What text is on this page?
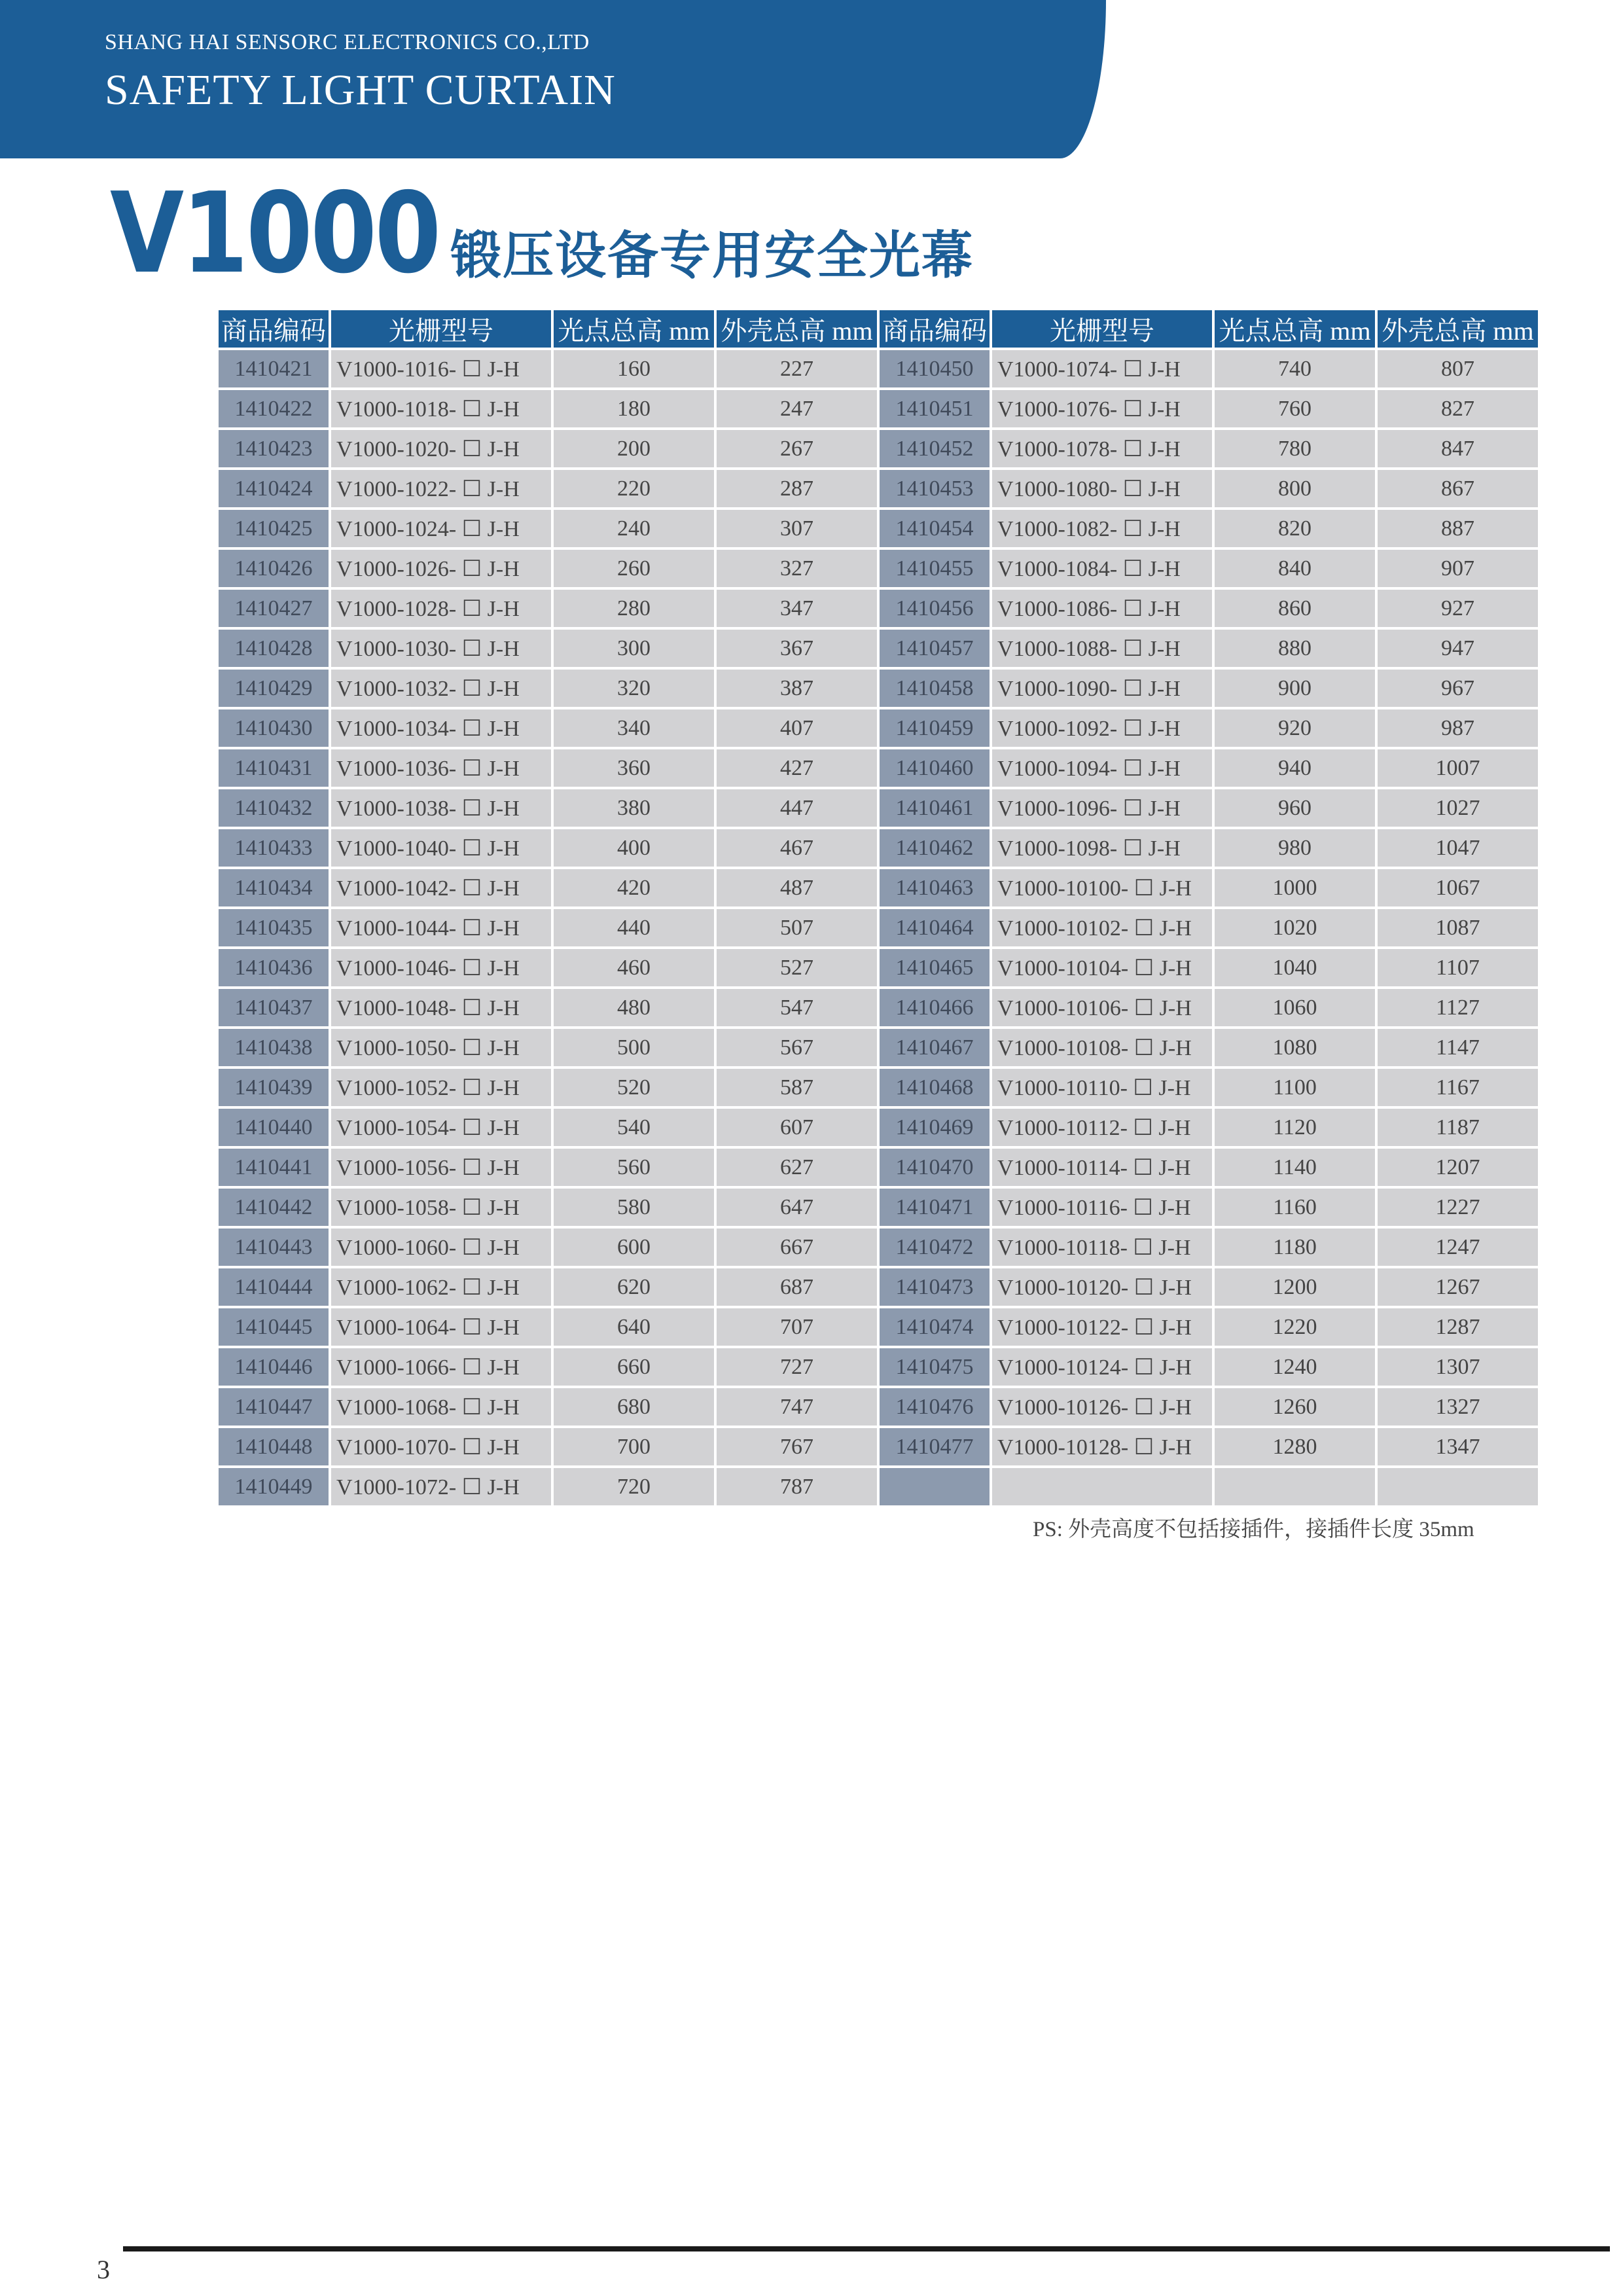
SHANG HAI SENSORC ELECTRONICS CO.,LTD
SAFETY LIGHT CURTAIN
V1000 锻压设备专用安全光幕
商品编码	光栅型号	光点总高 mm	外壳总高 mm	商品编码	光栅型号	光点总高 mm	外壳总高 mm
1410421	V1000-1016- ☐ J-H	160	227	1410450	V1000-1074- ☐ J-H	740	807
1410422	V1000-1018- ☐ J-H	180	247	1410451	V1000-1076- ☐ J-H	760	827
1410423	V1000-1020- ☐ J-H	200	267	1410452	V1000-1078- ☐ J-H	780	847
1410424	V1000-1022- ☐ J-H	220	287	1410453	V1000-1080- ☐ J-H	800	867
1410425	V1000-1024- ☐ J-H	240	307	1410454	V1000-1082- ☐ J-H	820	887
1410426	V1000-1026- ☐ J-H	260	327	1410455	V1000-1084- ☐ J-H	840	907
1410427	V1000-1028- ☐ J-H	280	347	1410456	V1000-1086- ☐ J-H	860	927
1410428	V1000-1030- ☐ J-H	300	367	1410457	V1000-1088- ☐ J-H	880	947
1410429	V1000-1032- ☐ J-H	320	387	1410458	V1000-1090- ☐ J-H	900	967
1410430	V1000-1034- ☐ J-H	340	407	1410459	V1000-1092- ☐ J-H	920	987
1410431	V1000-1036- ☐ J-H	360	427	1410460	V1000-1094- ☐ J-H	940	1007
1410432	V1000-1038- ☐ J-H	380	447	1410461	V1000-1096- ☐ J-H	960	1027
1410433	V1000-1040- ☐ J-H	400	467	1410462	V1000-1098- ☐ J-H	980	1047
1410434	V1000-1042- ☐ J-H	420	487	1410463	V1000-10100- ☐ J-H	1000	1067
1410435	V1000-1044- ☐ J-H	440	507	1410464	V1000-10102- ☐ J-H	1020	1087
1410436	V1000-1046- ☐ J-H	460	527	1410465	V1000-10104- ☐ J-H	1040	1107
1410437	V1000-1048- ☐ J-H	480	547	1410466	V1000-10106- ☐ J-H	1060	1127
1410438	V1000-1050- ☐ J-H	500	567	1410467	V1000-10108- ☐ J-H	1080	1147
1410439	V1000-1052- ☐ J-H	520	587	1410468	V1000-10110- ☐ J-H	1100	1167
1410440	V1000-1054- ☐ J-H	540	607	1410469	V1000-10112- ☐ J-H	1120	1187
1410441	V1000-1056- ☐ J-H	560	627	1410470	V1000-10114- ☐ J-H	1140	1207
1410442	V1000-1058- ☐ J-H	580	647	1410471	V1000-10116- ☐ J-H	1160	1227
1410443	V1000-1060- ☐ J-H	600	667	1410472	V1000-10118- ☐ J-H	1180	1247
1410444	V1000-1062- ☐ J-H	620	687	1410473	V1000-10120- ☐ J-H	1200	1267
1410445	V1000-1064- ☐ J-H	640	707	1410474	V1000-10122- ☐ J-H	1220	1287
1410446	V1000-1066- ☐ J-H	660	727	1410475	V1000-10124- ☐ J-H	1240	1307
1410447	V1000-1068- ☐ J-H	680	747	1410476	V1000-10126- ☐ J-H	1260	1327
1410448	V1000-1070- ☐ J-H	700	767	1410477	V1000-10128- ☐ J-H	1280	1347
1410449	V1000-1072- ☐ J-H	720	787				
PS: 外壳高度不包括接插件，接插件长度 35mm
3
